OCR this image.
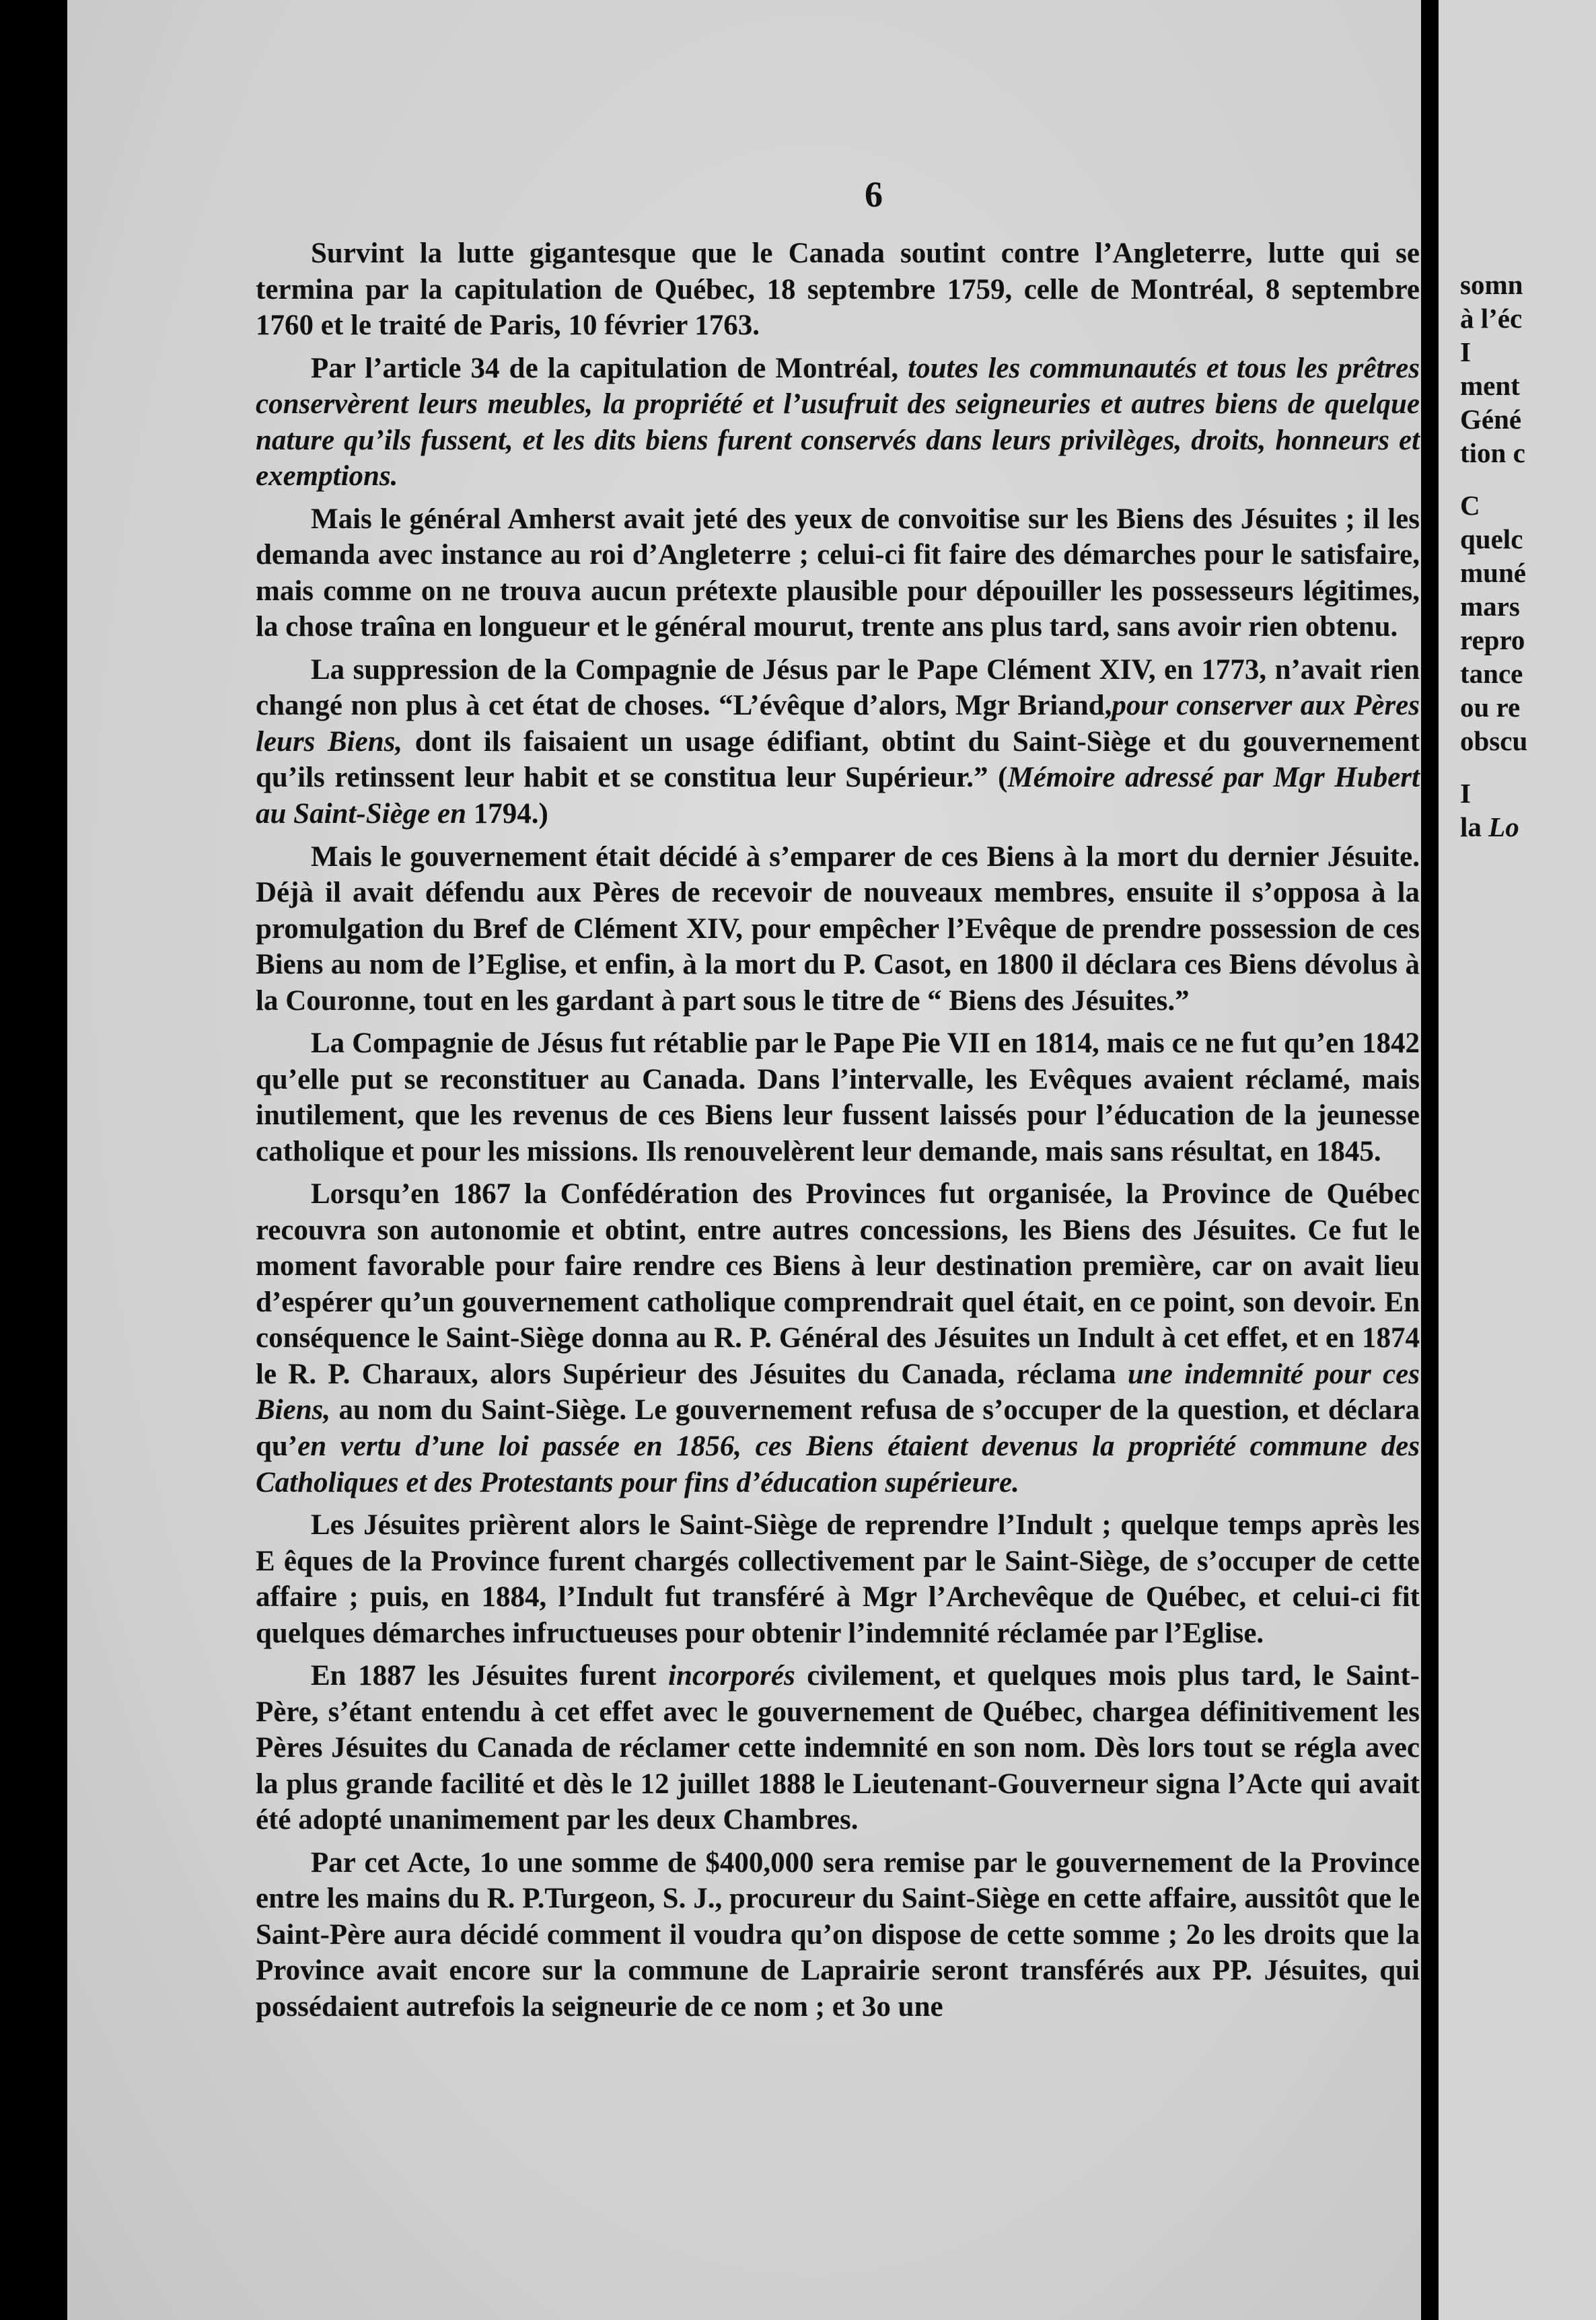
6

Survint la lutte gigantesque que le Canada soutint contre l’Angleterre, lutte qui se termina par la capitulation de Québec, 18 septembre 1759, celle de Montréal, 8 septembre 1760 et le traité de Paris, 10 février 1763.

Par l’article 34 de la capitulation de Montréal, toutes les communautés et tous les prêtres conservèrent leurs meubles, la propriété et l’usufruit des seigneuries et autres biens de quelque nature qu’ils fussent, et les dits biens furent conservés dans leurs privilèges, droits, honneurs et exemptions.

Mais le général Amherst avait jeté des yeux de convoitise sur les Biens des Jésuites ; il les demanda avec instance au roi d’Angleterre ; celui-ci fit faire des démarches pour le satisfaire, mais comme on ne trouva aucun prétexte plausible pour dépouiller les possesseurs légitimes, la chose traîna en longueur et le général mourut, trente ans plus tard, sans avoir rien obtenu.

La suppression de la Compagnie de Jésus par le Pape Clément XIV, en 1773, n’avait rien changé non plus à cet état de choses. “L’évêque d’alors, Mgr Briand,pour conserver aux Pères leurs Biens, dont ils faisaient un usage édifiant, obtint du Saint-Siège et du gouvernement qu’ils retinssent leur habit et se constitua leur Supérieur.” (Mémoire adressé par Mgr Hubert au Saint-Siège en 1794.)

Mais le gouvernement était décidé à s’emparer de ces Biens à la mort du dernier Jésuite. Déjà il avait défendu aux Pères de recevoir de nouveaux membres, ensuite il s’opposa à la promulgation du Bref de Clément XIV, pour empêcher l’Evêque de prendre possession de ces Biens au nom de l’Eglise, et enfin, à la mort du P. Casot, en 1800 il déclara ces Biens dévolus à la Couronne, tout en les gardant à part sous le titre de “ Biens des Jésuites.”

La Compagnie de Jésus fut rétablie par le Pape Pie VII en 1814, mais ce ne fut qu’en 1842 qu’elle put se reconstituer au Canada. Dans l’intervalle, les Evêques avaient réclamé, mais inutilement, que les revenus de ces Biens leur fussent laissés pour l’éducation de la jeunesse catholique et pour les missions. Ils renouvelèrent leur demande, mais sans résultat, en 1845.

Lorsqu’en 1867 la Confédération des Provinces fut organisée, la Province de Québec recouvra son autonomie et obtint, entre autres concessions, les Biens des Jésuites. Ce fut le moment favorable pour faire rendre ces Biens à leur destination première, car on avait lieu d’espérer qu’un gouvernement catholique comprendrait quel était, en ce point, son devoir. En conséquence le Saint-Siège donna au R. P. Général des Jésuites un Indult à cet effet, et en 1874 le R. P. Charaux, alors Supérieur des Jésuites du Canada, réclama une indemnité pour ces Biens, au nom du Saint-Siège. Le gouvernement refusa de s’occuper de la question, et déclara qu’en vertu d’une loi passée en 1856, ces Biens étaient devenus la propriété commune des Catholiques et des Protestants pour fins d’éducation supérieure.

Les Jésuites prièrent alors le Saint-Siège de reprendre l’Indult ; quelque temps après les E êques de la Province furent chargés collectivement par le Saint-Siège, de s’occuper de cette affaire ; puis, en 1884, l’Indult fut transféré à Mgr l’Archevêque de Québec, et celui-ci fit quelques démarches infructueuses pour obtenir l’indemnité réclamée par l’Eglise.

En 1887 les Jésuites furent incorporés civilement, et quelques mois plus tard, le Saint-Père, s’étant entendu à cet effet avec le gouvernement de Québec, chargea définitivement les Pères Jésuites du Canada de réclamer cette indemnité en son nom. Dès lors tout se régla avec la plus grande facilité et dès le 12 juillet 1888 le Lieutenant-Gouverneur signa l’Acte qui avait été adopté unanimement par les deux Chambres.

Par cet Acte, 1o une somme de $400,000 sera remise par le gouvernement de la Province entre les mains du R. P.Turgeon, S. J., procureur du Saint-Siège en cette affaire, aussitôt que le Saint-Père aura décidé comment il voudra qu’on dispose de cette somme ; 2o les droits que la Province avait encore sur la commune de Laprairie seront transférés aux PP. Jésuites, qui possédaient autrefois la seigneurie de ce nom ; et 3o une

somn
à l’éc
I
ment
Géné
tion c
C
quelc
muné
mars
repro
tance
ou re
obscu
I
la Lo
